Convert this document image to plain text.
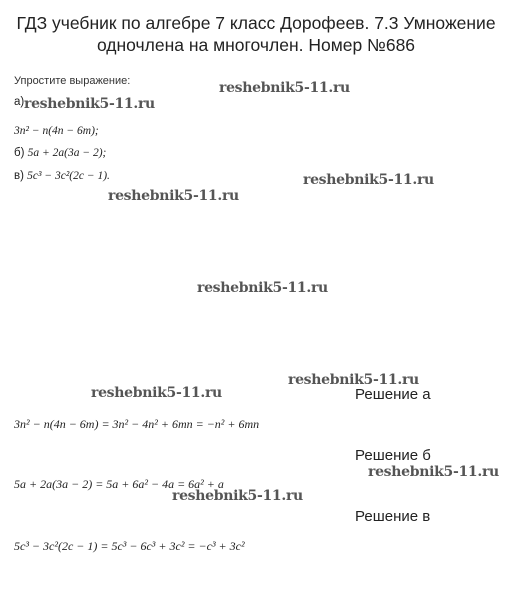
ГДЗ учебник по алгебре 7 класс Дорофеев. 7.3 Умножение
одночлена на многочлен. Номер №686
Упростите выражение:
а)
3n² − n(4n − 6m);
б) 5a + 2a(3a − 2);
в) 5c³ − 3c²(2c − 1).
Решение а
3n² − n(4n − 6m) = 3n² − 4n² + 6mn = −n² + 6mn
Решение б
5a + 2a(3a − 2) = 5a + 6a² − 4a = 6a² + a
Решение в
5c³ − 3c²(2c − 1) = 5c³ − 6c³ + 3c² = −c³ + 3c²
reshebnik5-11.ru
reshebnik5-11.ru
reshebnik5-11.ru
reshebnik5-11.ru
reshebnik5-11.ru
reshebnik5-11.ru
reshebnik5-11.ru
reshebnik5-11.ru
reshebnik5-11.ru
